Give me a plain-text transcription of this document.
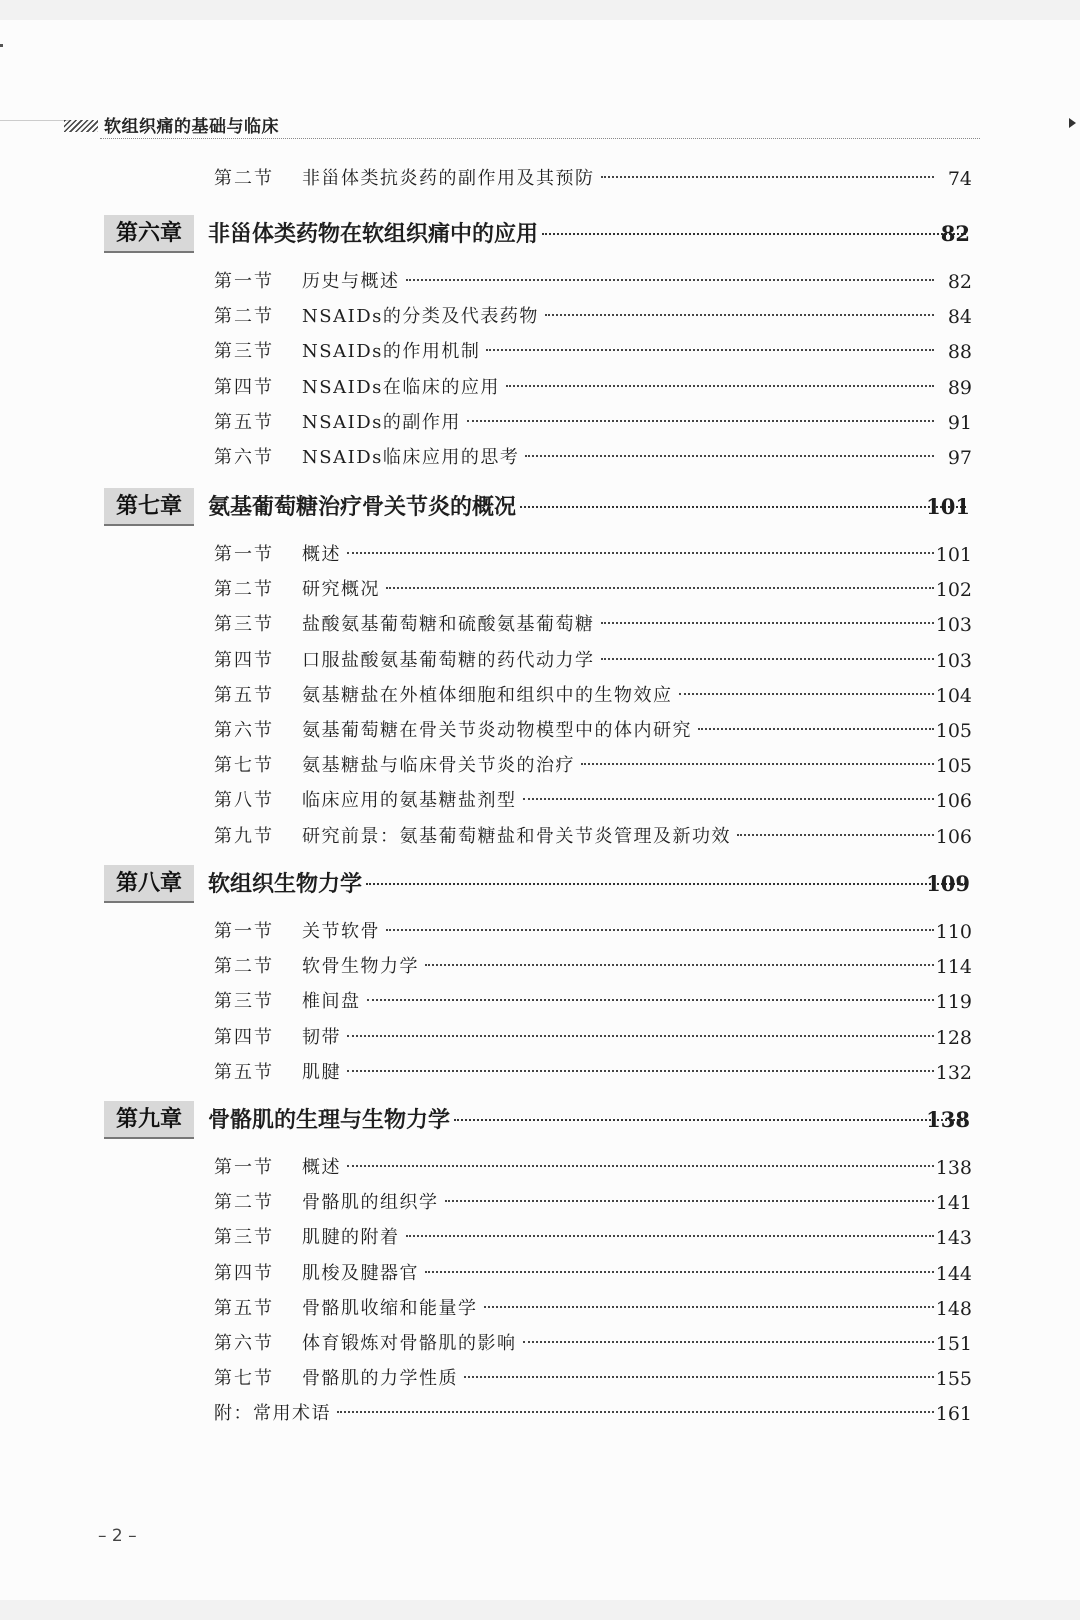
软组织痛的基础与临床
第二节 非甾体类抗炎药的副作用及其预防	74
第六章	非甾体类药物在软组织痛中的应用	82
第一节 历史与概述	82
第二节 NSAIDs的分类及代表药物	84
第三节 NSAIDs的作用机制	88
第四节 NSAIDs在临床的应用	89
第五节 NSAIDs的副作用	91
第六节 NSAIDs临床应用的思考	97
第七章	氨基葡萄糖治疗骨关节炎的概况	101
第一节 概述	101
第二节 研究概况	102
第三节 盐酸氨基葡萄糖和硫酸氨基葡萄糖	103
第四节 口服盐酸氨基葡萄糖的药代动力学	103
第五节 氨基糖盐在外植体细胞和组织中的生物效应	104
第六节 氨基葡萄糖在骨关节炎动物模型中的体内研究	105
第七节 氨基糖盐与临床骨关节炎的治疗	105
第八节 临床应用的氨基糖盐剂型	106
第九节 研究前景：氨基葡萄糖盐和骨关节炎管理及新功效	106
第八章	软组织生物力学	109
第一节 关节软骨	110
第二节 软骨生物力学	114
第三节 椎间盘	119
第四节 韧带	128
第五节 肌腱	132
第九章	骨骼肌的生理与生物力学	138
第一节 概述	138
第二节 骨骼肌的组织学	141
第三节 肌腱的附着	143
第四节 肌梭及腱器官	144
第五节 骨骼肌收缩和能量学	148
第六节 体育锻炼对骨骼肌的影响	151
第七节 骨骼肌的力学性质	155
附：常用术语	161
– 2 –
